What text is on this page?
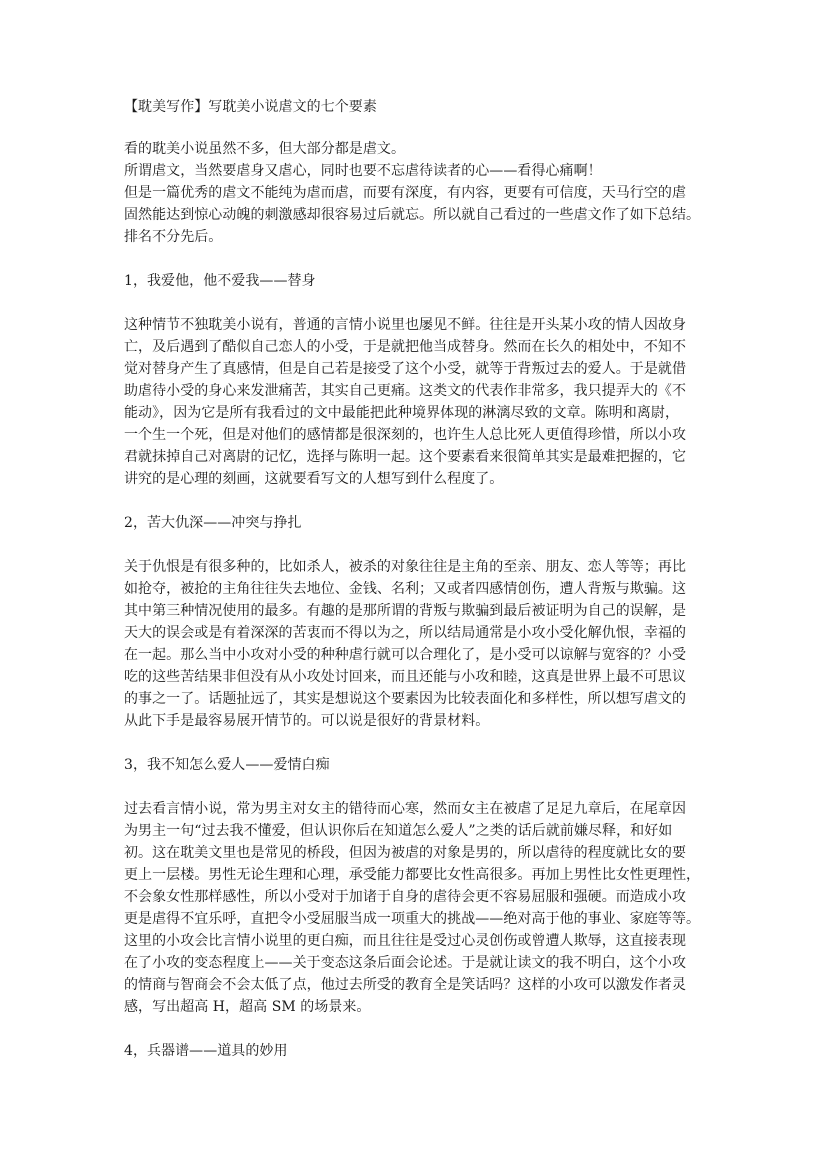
【耽美写作】写耽美小说虐文的七个要素
看的耽美小说虽然不多，但大部分都是虐文。
所谓虐文，当然要虐身又虐心，同时也要不忘虐待读者的心——看得心痛啊！
但是一篇优秀的虐文不能纯为虐而虐，而要有深度，有内容，更要有可信度，天马行空的虐
固然能达到惊心动魄的刺激感却很容易过后就忘。所以就自己看过的一些虐文作了如下总结。
排名不分先后。
1，我爱他，他不爱我——替身
这种情节不独耽美小说有，普通的言情小说里也屡见不鲜。往往是开头某小攻的情人因故身
亡，及后遇到了酷似自己恋人的小受，于是就把他当成替身。然而在长久的相处中，不知不
觉对替身产生了真感情，但是自己若是接受了这个小受，就等于背叛过去的爱人。于是就借
助虐待小受的身心来发泄痛苦，其实自己更痛。这类文的代表作非常多，我只提弄大的《不
能动》，因为它是所有我看过的文中最能把此种境界体现的淋漓尽致的文章。陈明和离尉，
一个生一个死，但是对他们的感情都是很深刻的，也许生人总比死人更值得珍惜，所以小攻
君就抹掉自己对离尉的记忆，选择与陈明一起。这个要素看来很简单其实是最难把握的，它
讲究的是心理的刻画，这就要看写文的人想写到什么程度了。
2，苦大仇深——冲突与挣扎
关于仇恨是有很多种的，比如杀人，被杀的对象往往是主角的至亲、朋友、恋人等等；再比
如抢夺，被抢的主角往往失去地位、金钱、名利；又或者四感情创伤，遭人背叛与欺骗。这
其中第三种情况使用的最多。有趣的是那所谓的背叛与欺骗到最后被证明为自己的误解，是
天大的误会或是有着深深的苦衷而不得以为之，所以结局通常是小攻小受化解仇恨，幸福的
在一起。那么当中小攻对小受的种种虐行就可以合理化了，是小受可以谅解与宽容的？小受
吃的这些苦结果非但没有从小攻处讨回来，而且还能与小攻和睦，这真是世界上最不可思议
的事之一了。话题扯远了，其实是想说这个要素因为比较表面化和多样性，所以想写虐文的
从此下手是最容易展开情节的。可以说是很好的背景材料。
3，我不知怎么爱人——爱情白痴
过去看言情小说，常为男主对女主的错待而心寒，然而女主在被虐了足足九章后，在尾章因
为男主一句“过去我不懂爱，但认识你后在知道怎么爱人”之类的话后就前嫌尽释，和好如
初。这在耽美文里也是常见的桥段，但因为被虐的对象是男的，所以虐待的程度就比女的要
更上一层楼。男性无论生理和心理，承受能力都要比女性高很多。再加上男性比女性更理性，
不会象女性那样感性，所以小受对于加诸于自身的虐待会更不容易屈服和强硬。而造成小攻
更是虐得不宜乐呼，直把令小受屈服当成一项重大的挑战——绝对高于他的事业、家庭等等。
这里的小攻会比言情小说里的更白痴，而且往往是受过心灵创伤或曾遭人欺辱，这直接表现
在了小攻的变态程度上——关于变态这条后面会论述。于是就让读文的我不明白，这个小攻
的情商与智商会不会太低了点，他过去所受的教育全是笑话吗？这样的小攻可以激发作者灵
感，写出超高 H，超高 SM 的场景来。
4，兵器谱——道具的妙用
